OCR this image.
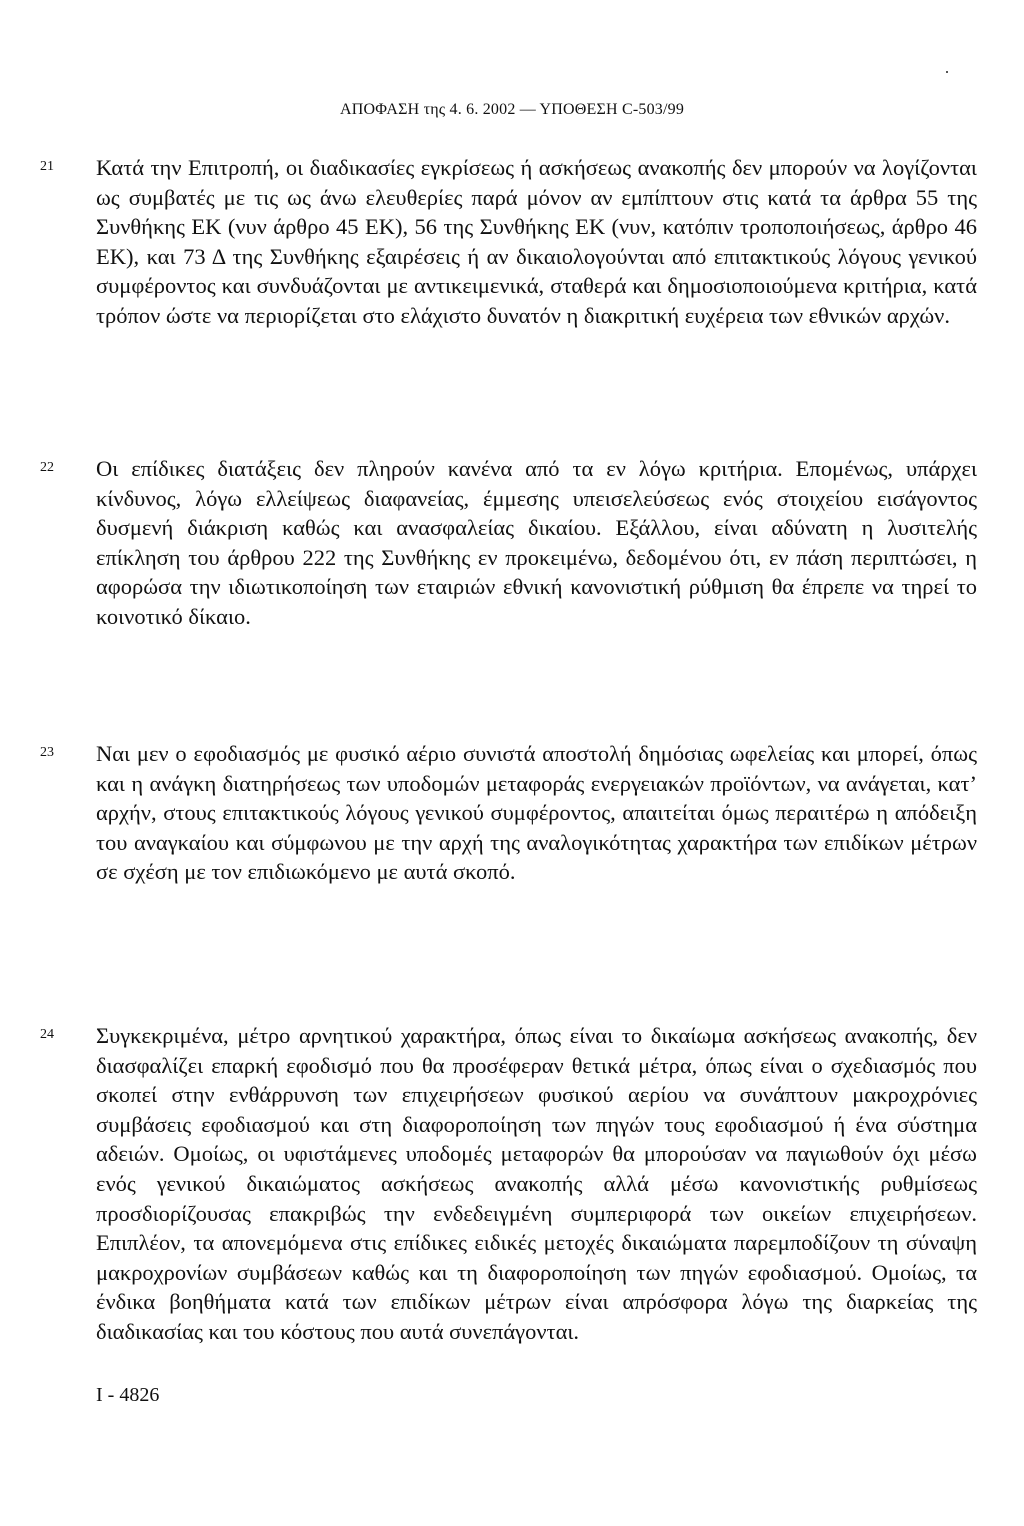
ΑΠΟΦΑΣΗ της 4. 6. 2002 — ΥΠΟΘΕΣΗ C-503/99
21	Κατά την Επιτροπή, οι διαδικασίες εγκρίσεως ή ασκήσεως ανακοπής δεν μπορούν να λογίζονται ως συμβατές με τις ως άνω ελευθερίες παρά μόνον αν εμπίπτουν στις κατά τα άρθρα 55 της Συνθήκης ΕΚ (νυν άρθρο 45 ΕΚ), 56 της Συνθήκης ΕΚ (νυν, κατόπιν τροποποιήσεως, άρθρο 46 ΕΚ), και 73 Δ της Συνθήκης εξαιρέσεις ή αν δικαιολογούνται από επιτακτικούς λόγους γενικού συμφέροντος και συνδυάζονται με αντικειμενικά, σταθερά και δημοσιοποιούμενα κριτήρια, κατά τρόπον ώστε να περιορίζεται στο ελάχιστο δυνατόν η διακριτική ευχέρεια των εθνικών αρχών.
22	Οι επίδικες διατάξεις δεν πληρούν κανένα από τα εν λόγω κριτήρια. Επομένως, υπάρχει κίνδυνος, λόγω ελλείψεως διαφανείας, έμμεσης υπεισελεύσεως ενός στοιχείου εισάγοντος δυσμενή διάκριση καθώς και ανασφαλείας δικαίου. Εξάλλου, είναι αδύνατη η λυσιτελής επίκληση του άρθρου 222 της Συνθήκης εν προκειμένω, δεδομένου ότι, εν πάση περιπτώσει, η αφορώσα την ιδιωτικοποίηση των εταιριών εθνική κανονιστική ρύθμιση θα έπρεπε να τηρεί το κοινοτικό δίκαιο.
23	Ναι μεν ο εφοδιασμός με φυσικό αέριο συνιστά αποστολή δημόσιας ωφελείας και μπορεί, όπως και η ανάγκη διατηρήσεως των υποδομών μεταφοράς ενεργειακών προϊόντων, να ανάγεται, κατ’ αρχήν, στους επιτακτικούς λόγους γενικού συμφέροντος, απαιτείται όμως περαιτέρω η απόδειξη του αναγκαίου και σύμφωνου με την αρχή της αναλογικότητας χαρακτήρα των επιδίκων μέτρων σε σχέση με τον επιδιωκόμενο με αυτά σκοπό.
24	Συγκεκριμένα, μέτρο αρνητικού χαρακτήρα, όπως είναι το δικαίωμα ασκήσεως ανακοπής, δεν διασφαλίζει επαρκή εφοδισμό που θα προσέφεραν θετικά μέτρα, όπως είναι ο σχεδιασμός που σκοπεί στην ενθάρρυνση των επιχειρήσεων φυσικού αερίου να συνάπτουν μακροχρόνιες συμβάσεις εφοδιασμού και στη διαφοροποίηση των πηγών τους εφοδιασμού ή ένα σύστημα αδειών. Ομοίως, οι υφιστάμενες υποδομές μεταφορών θα μπορούσαν να παγιωθούν όχι μέσω ενός γενικού δικαιώματος ασκήσεως ανακοπής αλλά μέσω κανονιστικής ρυθμίσεως προσδιορίζουσας επακριβώς την ενδεδειγμένη συμπεριφορά των οικείων επιχειρήσεων. Επιπλέον, τα απονεμόμενα στις επίδικες ειδικές μετοχές δικαιώματα παρεμποδίζουν τη σύναψη μακροχρονίων συμβάσεων καθώς και τη διαφοροποίηση των πηγών εφοδιασμού. Ομοίως, τα ένδικα βοηθήματα κατά των επιδίκων μέτρων είναι απρόσφορα λόγω της διαρκείας της διαδικασίας και του κόστους που αυτά συνεπάγονται.
I - 4826
